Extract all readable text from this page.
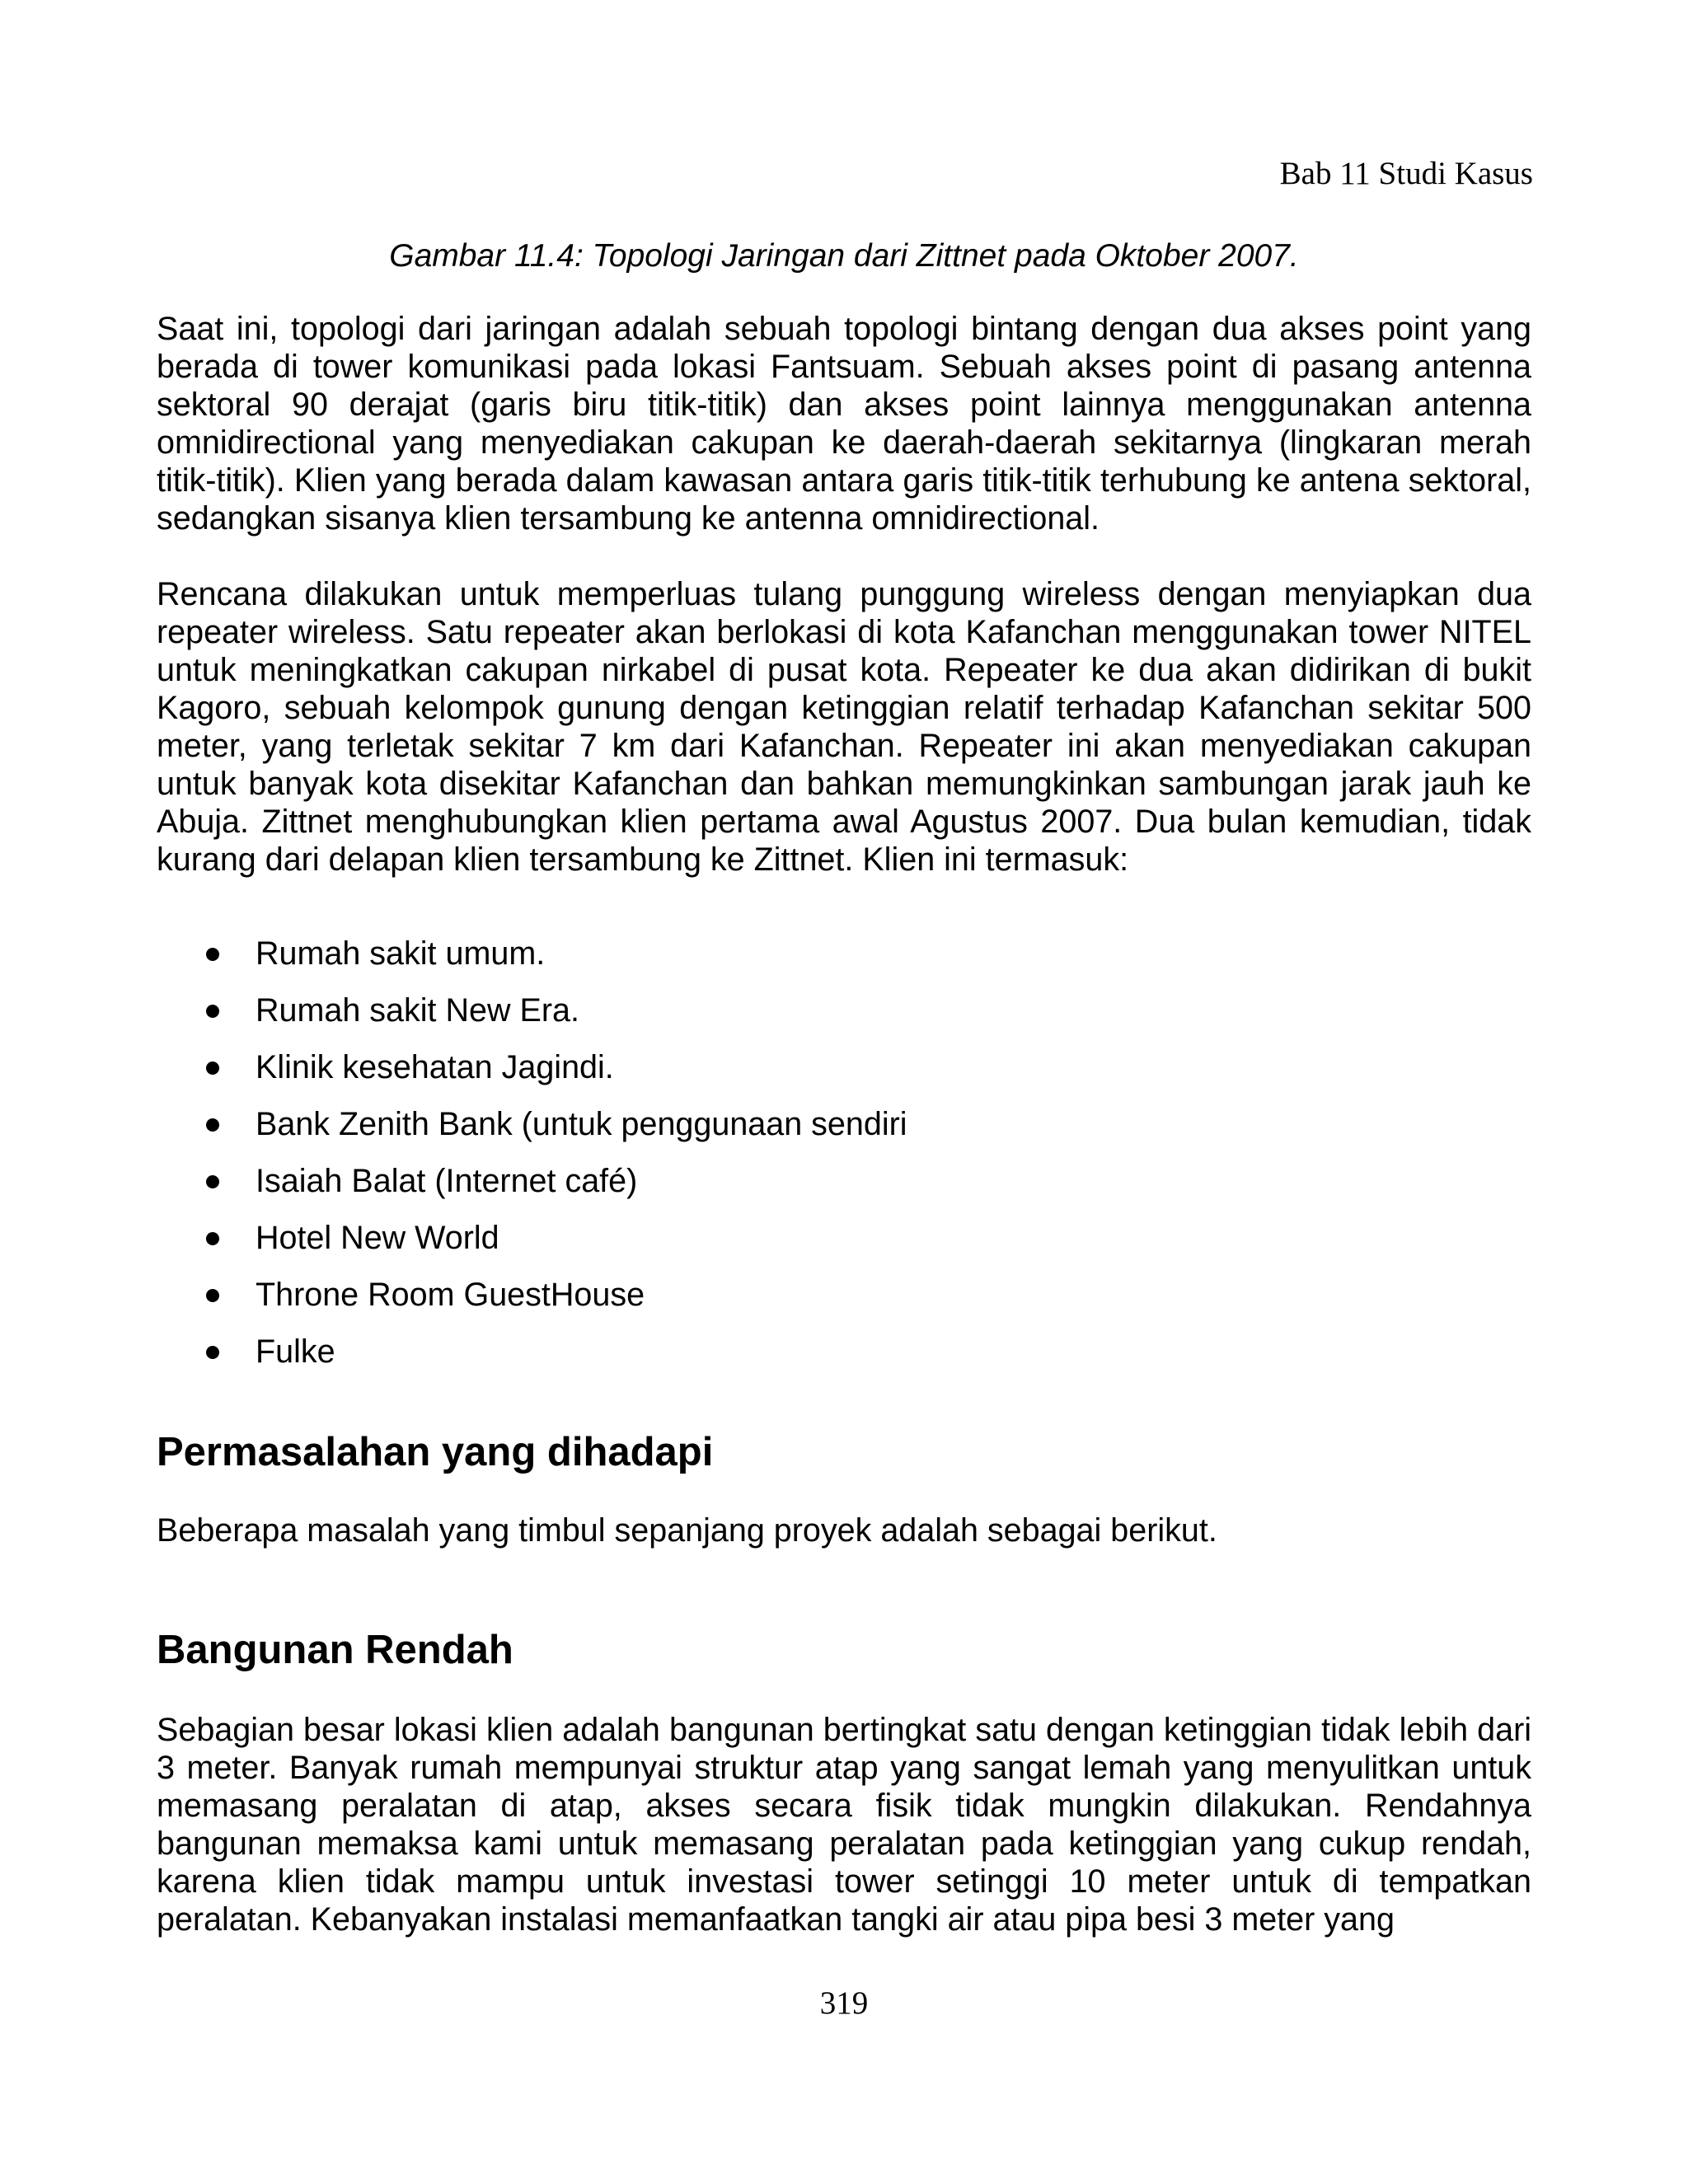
Bab 11 Studi Kasus
Gambar 11.4: Topologi Jaringan dari Zittnet pada Oktober 2007.

Saat ini, topologi dari jaringan adalah sebuah topologi bintang dengan dua akses point yang berada di tower komunikasi pada lokasi Fantsuam. Sebuah akses point di pasang antenna sektoral 90 derajat (garis biru titik-titik) dan akses point lainnya menggunakan antenna omnidirectional yang menyediakan cakupan ke daerah-daerah sekitarnya (lingkaran merah titik-titik). Klien yang berada dalam kawasan antara garis titik-titik terhubung ke antena sektoral, sedangkan sisanya klien tersambung ke antenna omnidirectional.

Rencana dilakukan untuk memperluas tulang punggung wireless dengan menyiapkan dua repeater wireless. Satu repeater akan berlokasi di kota Kafanchan menggunakan tower NITEL untuk meningkatkan cakupan nirkabel di pusat kota. Repeater ke dua akan didirikan di bukit Kagoro, sebuah kelompok gunung dengan ketinggian relatif terhadap Kafanchan sekitar 500 meter, yang terletak sekitar 7 km dari Kafanchan. Repeater ini akan menyediakan cakupan untuk banyak kota disekitar Kafanchan dan bahkan memungkinkan sambungan jarak jauh ke Abuja. Zittnet menghubungkan klien pertama awal Agustus 2007. Dua bulan kemudian, tidak kurang dari delapan klien tersambung ke Zittnet. Klien ini termasuk:

Rumah sakit umum.
Rumah sakit New Era.
Klinik kesehatan Jagindi.
Bank Zenith Bank (untuk penggunaan sendiri
Isaiah Balat (Internet café)
Hotel New World
Throne Room GuestHouse
Fulke
Permasalahan yang dihadapi

Beberapa masalah yang timbul sepanjang proyek adalah sebagai berikut.

Bangunan Rendah

Sebagian besar lokasi klien adalah bangunan bertingkat satu dengan ketinggian tidak lebih dari 3 meter. Banyak rumah mempunyai struktur atap yang sangat lemah yang menyulitkan untuk memasang peralatan di atap, akses secara fisik tidak mungkin dilakukan. Rendahnya bangunan memaksa kami untuk memasang peralatan pada ketinggian yang cukup rendah, karena klien tidak mampu untuk investasi tower setinggi 10 meter untuk di tempatkan peralatan. Kebanyakan instalasi memanfaatkan tangki air atau pipa besi 3 meter yang

319
